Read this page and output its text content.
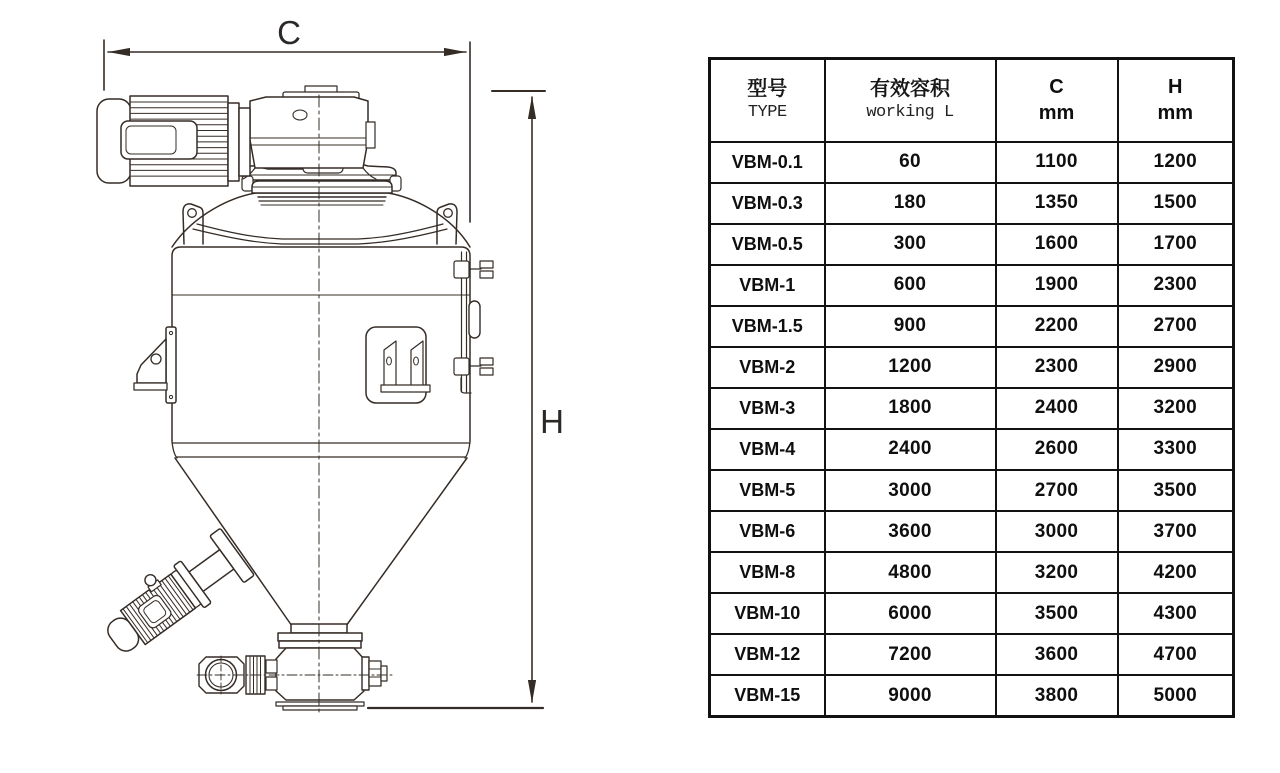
C
H
型号
TYPE

有效容积
working L

C
mm

H
mm

VBM-0.1	60	1100	1200
VBM-0.3	180	1350	1500
VBM-0.5	300	1600	1700
VBM-1	600	1900	2300
VBM-1.5	900	2200	2700
VBM-2	1200	2300	2900
VBM-3	1800	2400	3200
VBM-4	2400	2600	3300
VBM-5	3000	2700	3500
VBM-6	3600	3000	3700
VBM-8	4800	3200	4200
VBM-10	6000	3500	4300
VBM-12	7200	3600	4700
VBM-15	9000	3800	5000
